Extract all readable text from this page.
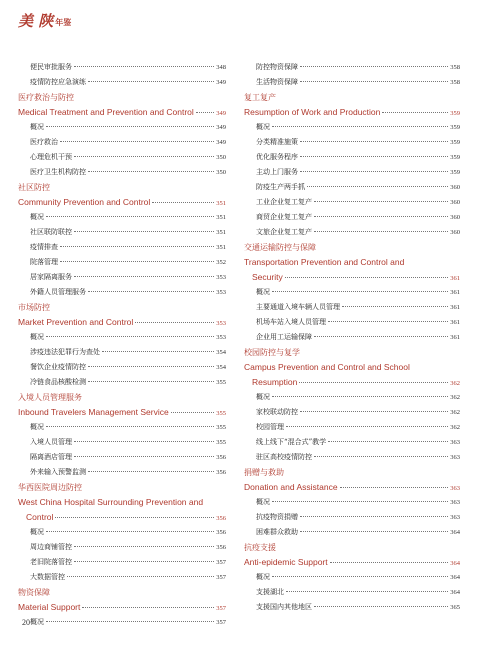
美 陕 年鉴
便民审批服务	348
疫情防控应急演练	349
医疗救治与防控
Medical Treatment and Prevention and Control	349
概况	349
医疗救治	349
心理危机干预	350
医疗卫生机构防控	350
社区防控
Community Prevention and Control	351
概况	351
社区联防联控	351
疫情排查	351
院落管理	352
居家隔离服务	353
外籍人员管理服务	353
市场防控
Market Prevention and Control	353
概况	353
涉疫违法犯罪行为查处	354
餐饮企业疫情防控	354
冷链食品核酸检测	355
入境人员管理服务
Inbound Travelers Management Service	355
概况	355
入境人员管理	355
隔离酒店管理	356
外来输入预警监测	356
华西医院周边防控
West China Hospital Surrounding Prevention and
Control	356
概况	356
周边商铺管控	356
老旧院落管控	357
大数据管控	357
物资保障
Material Support	357
概况	357
防控物资保障	358
生活物资保障	358
复工复产
Resumption of Work and Production	359
概况	359
分类精准施策	359
优化服务程序	359
主动上门服务	359
防疫生产两手抓	360
工业企业复工复产	360
商贸企业复工复产	360
文旅企业复工复产	360
交通运输防控与保障
Transportation Prevention and Control and
Security	361
概况	361
主要通道入境车辆人员管理	361
机场车站入境人员管理	361
企业用工运输保障	361
校园防控与复学
Campus Prevention and Control and School
Resumption	362
概况	362
家校联动防控	362
校园管理	362
线上线下“混合式”教学	363
驻区高校疫情防控	363
捐赠与救助
Donation and Assistance	363
概况	363
抗疫物资捐赠	363
困难群众救助	364
抗疫支援
Anti-epidemic Support	364
概况	364
支援湖北	364
支援国内其他地区	365
20
